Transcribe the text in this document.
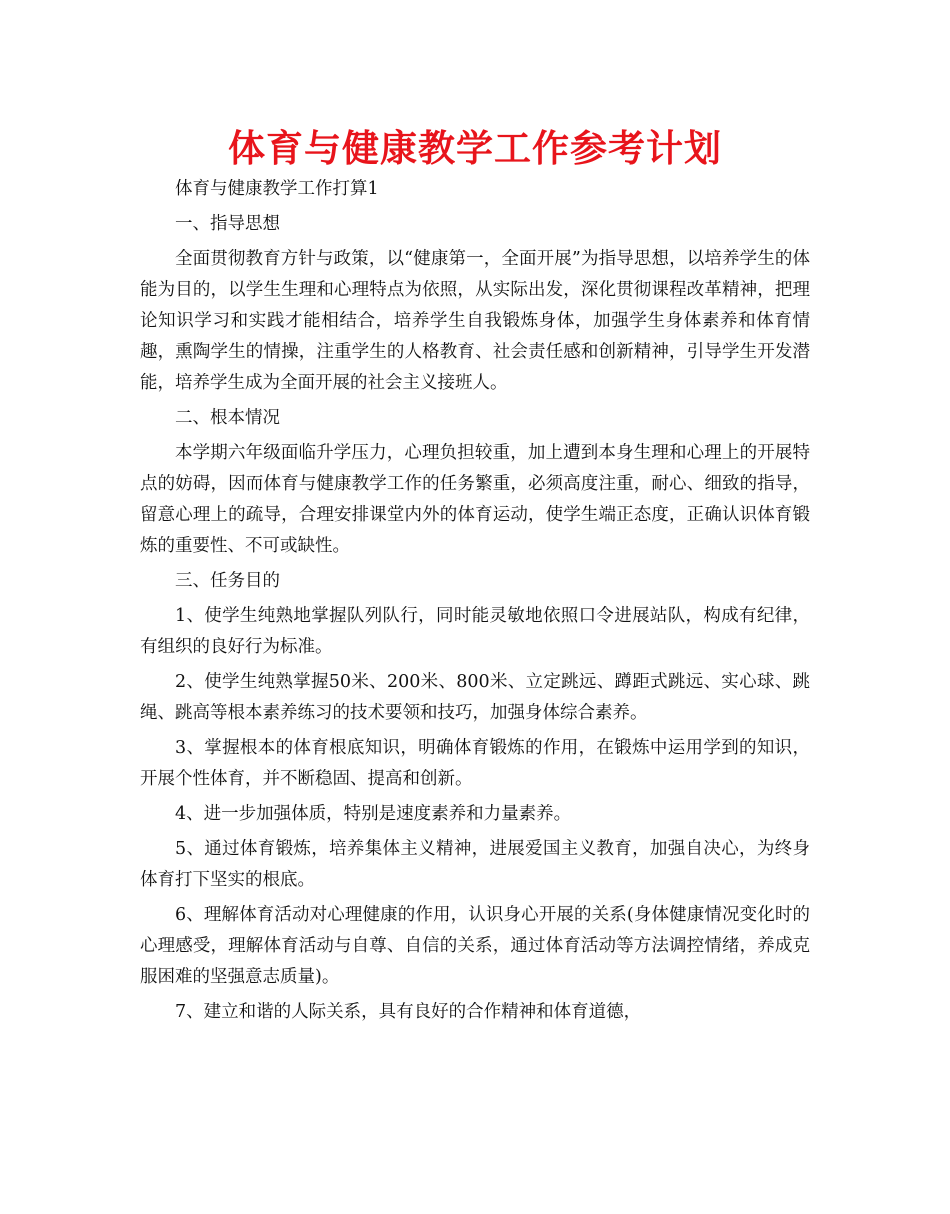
体育与健康教学工作参考计划

体育与健康教学工作打算1

一、指导思想

全面贯彻教育方针与政策，以“健康第一，全面开展”为指导思想，以培养学生的体能为目的，以学生生理和心理特点为依照，从实际出发，深化贯彻课程改革精神，把理论知识学习和实践才能相结合，培养学生自我锻炼身体，加强学生身体素养和体育情趣，熏陶学生的情操，注重学生的人格教育、社会责任感和创新精神，引导学生开发潜能，培养学生成为全面开展的社会主义接班人。

二、根本情况

本学期六年级面临升学压力，心理负担较重，加上遭到本身生理和心理上的开展特点的妨碍，因而体育与健康教学工作的任务繁重，必须高度注重，耐心、细致的指导，留意心理上的疏导，合理安排课堂内外的体育运动，使学生端正态度，正确认识体育锻炼的重要性、不可或缺性。

三、任务目的

1、使学生纯熟地掌握队列队行，同时能灵敏地依照口令进展站队，构成有纪律，有组织的良好行为标准。

2、使学生纯熟掌握50米、200米、800米、立定跳远、蹲距式跳远、实心球、跳绳、跳高等根本素养练习的技术要领和技巧，加强身体综合素养。

3、掌握根本的体育根底知识，明确体育锻炼的作用，在锻炼中运用学到的知识，开展个性体育，并不断稳固、提高和创新。

4、进一步加强体质，特别是速度素养和力量素养。

5、通过体育锻炼，培养集体主义精神，进展爱国主义教育，加强自决心，为终身体育打下坚实的根底。

6、理解体育活动对心理健康的作用，认识身心开展的关系(身体健康情况变化时的心理感受，理解体育活动与自尊、自信的关系，通过体育活动等方法调控情绪，养成克服困难的坚强意志质量)。

7、建立和谐的人际关系，具有良好的合作精神和体育道德，
